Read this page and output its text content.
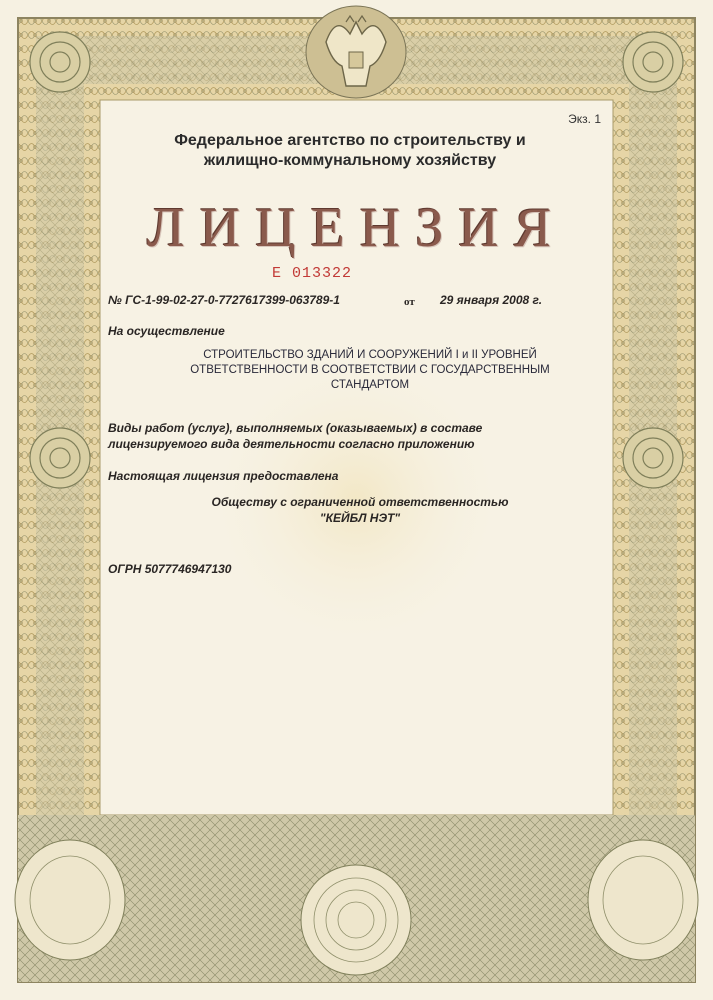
Экз. 1

Федеральное агентство по строительству и
жилищно-коммунальному хозяйству

ЛИЦЕНЗИЯ

Е 013322

№ ГС-1-99-02-27-0-7727617399-063789-1	от 29 января 2008 г.

На осуществление

СТРОИТЕЛЬСТВО ЗДАНИЙ И СООРУЖЕНИЙ I и II УРОВНЕЙ
ОТВЕТСТВЕННОСТИ В СООТВЕТСТВИИ С ГОСУДАРСТВЕННЫМ СТАНДАРТОМ

Виды работ (услуг), выполняемых (оказываемых) в составе
лицензируемого вида деятельности согласно приложению

Настоящая лицензия предоставлена

Обществу с ограниченной ответственностью
"КЕЙБЛ НЭТ"

ОГРН 5077746947130
